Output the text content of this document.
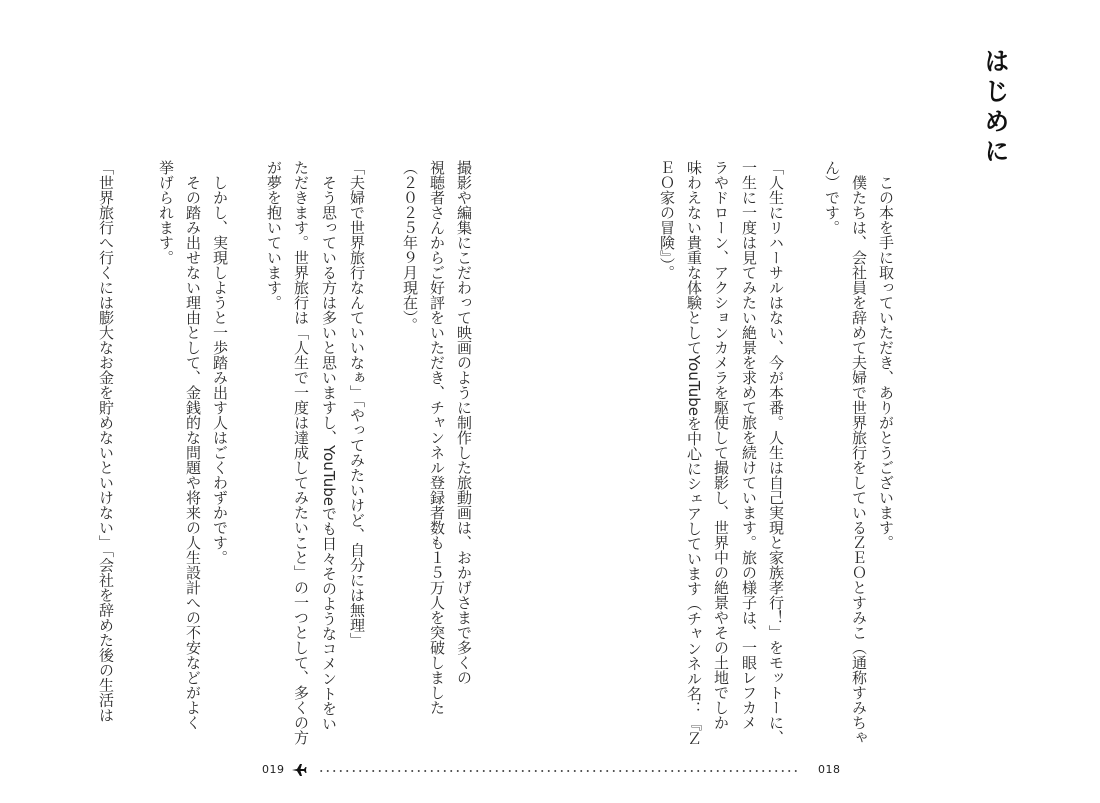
はじめに
　この本を手に取っていただき、ありがとうございます。
　僕たちは、会社員を辞めて夫婦で世界旅行をしているＺＥＯとすみこ（通称すみちゃ
ん）です。
「人生にリハーサルはない、今が本番。人生は自己実現と家族孝行！」をモットーに、
一生に一度は見てみたい絶景を求めて旅を続けています。旅の様子は、一眼レフカメ
ラやドローン、アクションカメラを駆使して撮影し、世界中の絶景やその土地でしか
味わえない貴重な体験としてYouTubeを中心にシェアしています（チャンネル名：『Ｚ
ＥＯ家の冒険』）。
撮影や編集にこだわって映画のように制作した旅動画は、おかげさまで多くの
視聴者さんからご好評をいただき、チャンネル登録者数も１５万人を突破しました
（２０２５年９月現在）。
「夫婦で世界旅行なんていいなぁ」「やってみたいけど、自分には無理」
　そう思っている方は多いと思いますし、YouTubeでも日々そのようなコメントをい
ただきます。世界旅行は「人生で一度は達成してみたいこと」の一つとして、多くの方
が夢を抱いています。
　しかし、実現しようと一歩踏み出す人はごくわずかです。
　その踏み出せない理由として、金銭的な問題や将来の人生設計への不安などがよく
挙げられます。
「世界旅行へ行くには膨大なお金を貯めないといけない」「会社を辞めた後の生活は
019	018
